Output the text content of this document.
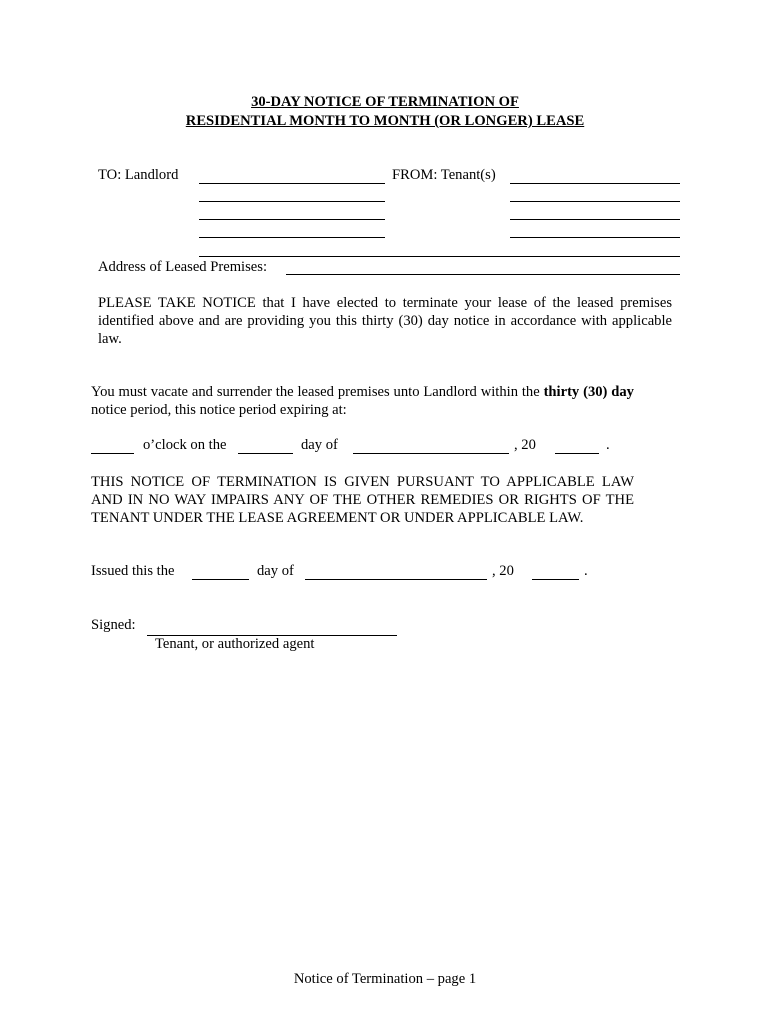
30-DAY NOTICE OF TERMINATION OF
RESIDENTIAL MONTH TO MONTH (OR LONGER) LEASE
TO: Landlord	FROM: Tenant(s)
Address of Leased Premises:
PLEASE TAKE NOTICE that I have elected to terminate your lease of the leased premises identified above and are providing you this thirty (30) day notice in accordance with applicable law.
You must vacate and surrender the leased premises unto Landlord within the thirty (30) day notice period, this notice period expiring at:
o’clock on the	day of	, 20	.
THIS NOTICE OF TERMINATION IS GIVEN PURSUANT TO APPLICABLE LAW AND IN NO WAY IMPAIRS ANY OF THE OTHER REMEDIES OR RIGHTS OF THE TENANT UNDER THE LEASE AGREEMENT OR UNDER APPLICABLE LAW.
Issued this the	day of	, 20	.
Signed:
Tenant, or authorized agent
Notice of Termination – page 1
